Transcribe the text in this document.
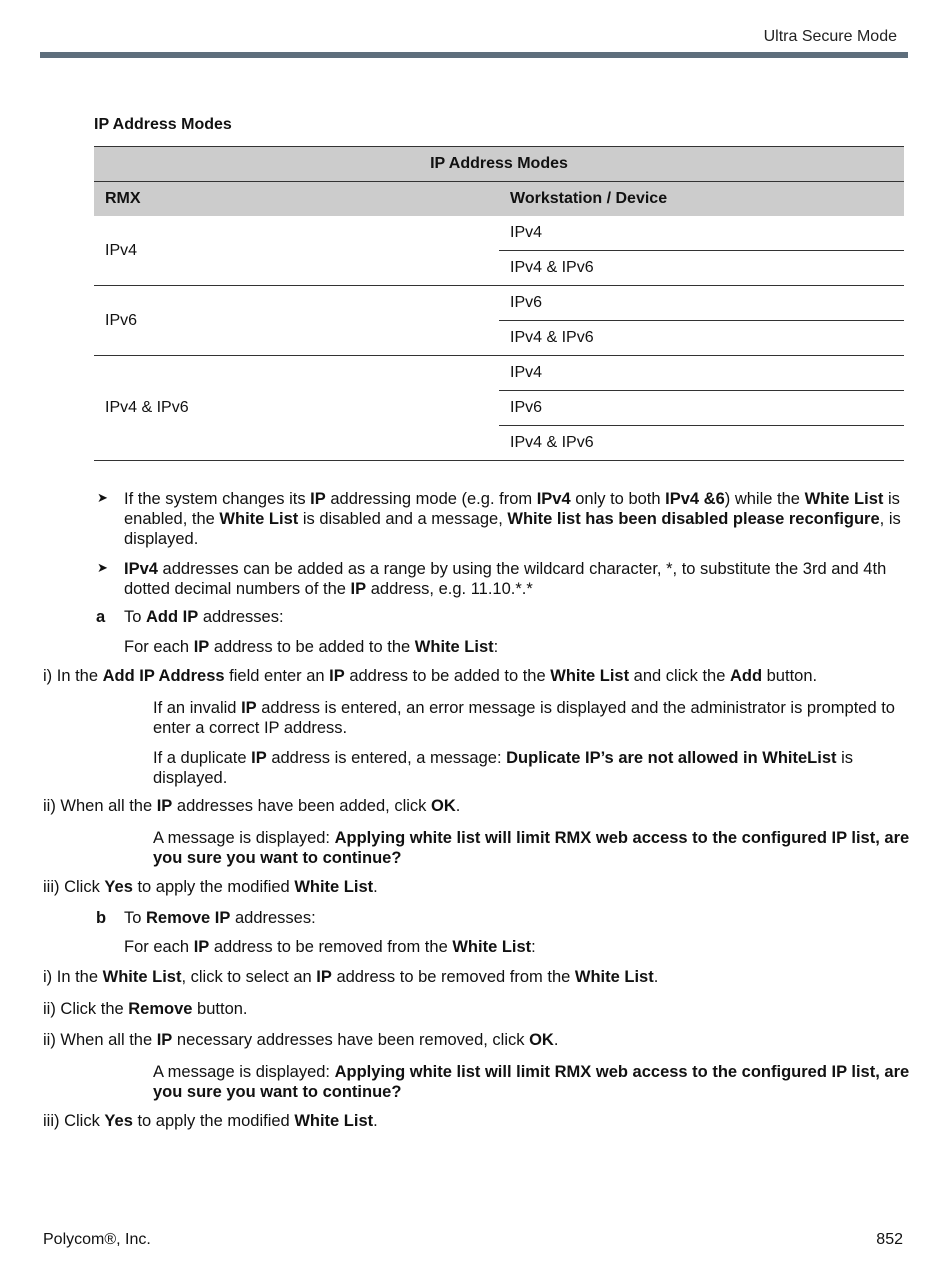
Ultra Secure Mode
IP Address Modes
IP Address Modes	
RMX	Workstation / Device
IPv4	IPv4
	IPv4 & IPv6
IPv6	IPv6
	IPv4 & IPv6
IPv4 & IPv6	IPv4
	IPv6
	IPv4 & IPv6
➤ If the system changes its IP addressing mode (e.g. from IPv4 only to both IPv4 &6) while the White List is enabled, the White List is disabled and a message, White list has been disabled please reconfigure, is displayed.
➤ IPv4 addresses can be added as a range by using the wildcard character, *, to substitute the 3rd and 4th dotted decimal numbers of the IP address, e.g. 11.10.*.*
a To Add IP addresses:
For each IP address to be added to the White List:
i) In the Add IP Address field enter an IP address to be added to the White List and click the Add button.
If an invalid IP address is entered, an error message is displayed and the administrator is prompted to enter a correct IP address.
If a duplicate IP address is entered, a message: Duplicate IP’s are not allowed in WhiteList is displayed.
ii) When all the IP addresses have been added, click OK.
A message is displayed: Applying white list will limit RMX web access to the configured IP list, are you sure you want to continue?
iii) Click Yes to apply the modified White List.
b To Remove IP addresses:
For each IP address to be removed from the White List:
i) In the White List, click to select an IP address to be removed from the White List.
ii) Click the Remove button.
ii) When all the IP necessary addresses have been removed, click OK.
A message is displayed: Applying white list will limit RMX web access to the configured IP list, are you sure you want to continue?
iii) Click Yes to apply the modified White List.
Polycom®, Inc.	852
